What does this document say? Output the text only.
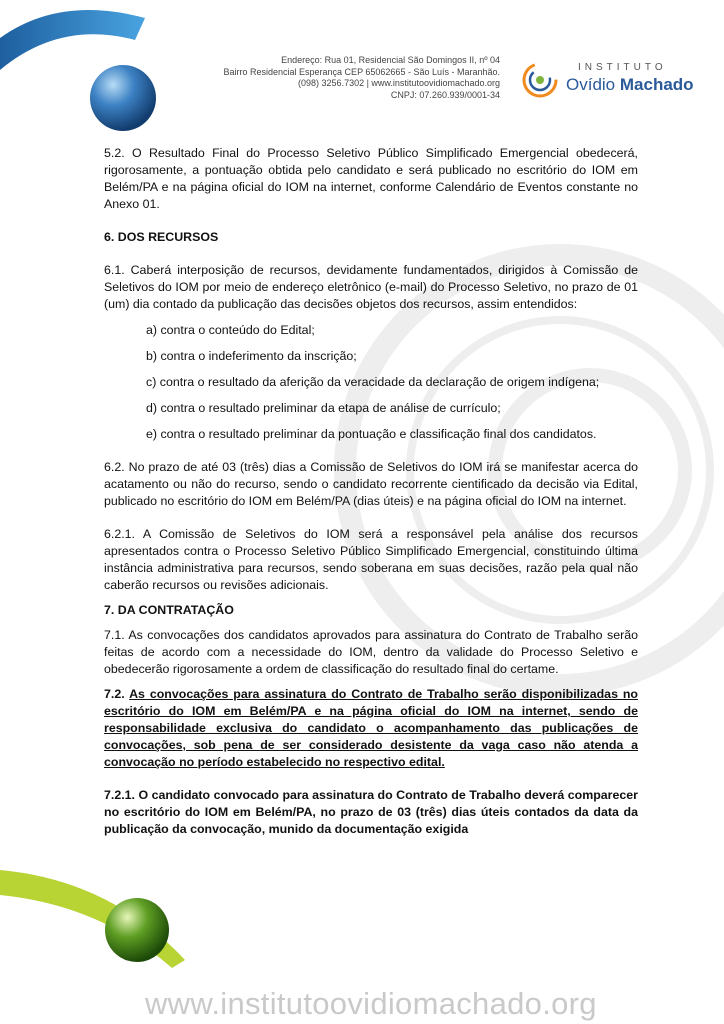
Endereço: Rua 01, Residencial São Domingos II, nº 04
Bairro Residencial Esperança CEP 65062665 - São Luís - Maranhão.
(098) 3256.7302 | www.institutoovidiomachado.org
CNPJ: 07.260.939/0001-34
INSTITUTO
Ovídio Machado

5.2. O Resultado Final do Processo Seletivo Público Simplificado Emergencial obedecerá, rigorosamente, a pontuação obtida pelo candidato e será publicado no escritório do IOM em Belém/PA e na página oficial do IOM na internet, conforme Calendário de Eventos constante no Anexo 01.

6. DOS RECURSOS

6.1. Caberá interposição de recursos, devidamente fundamentados, dirigidos à Comissão de Seletivos do IOM por meio de endereço eletrônico (e-mail) do Processo Seletivo, no prazo de 01 (um) dia contado da publicação das decisões objetos dos recursos, assim entendidos:

a) contra o conteúdo do Edital;

b) contra o indeferimento da inscrição;

c) contra o resultado da aferição da veracidade da declaração de origem indígena;

d) contra o resultado preliminar da etapa de análise de currículo;

e) contra o resultado preliminar da pontuação e classificação final dos candidatos.

6.2. No prazo de até 03 (três) dias a Comissão de Seletivos do IOM irá se manifestar acerca do acatamento ou não do recurso, sendo o candidato recorrente cientificado da decisão via Edital, publicado no escritório do IOM em Belém/PA (dias úteis) e na página oficial do IOM na internet.

6.2.1. A Comissão de Seletivos do IOM será a responsável pela análise dos recursos apresentados contra o Processo Seletivo Público Simplificado Emergencial, constituindo última instância administrativa para recursos, sendo soberana em suas decisões, razão pela qual não caberão recursos ou revisões adicionais.

7. DA CONTRATAÇÃO

7.1. As convocações dos candidatos aprovados para assinatura do Contrato de Trabalho serão feitas de acordo com a necessidade do IOM, dentro da validade do Processo Seletivo e obedecerão rigorosamente a ordem de classificação do resultado final do certame.

7.2. As convocações para assinatura do Contrato de Trabalho serão disponibilizadas no escritório do IOM em Belém/PA e na página oficial do IOM na internet, sendo de responsabilidade exclusiva do candidato o acompanhamento das publicações de convocações, sob pena de ser considerado desistente da vaga caso não atenda a convocação no período estabelecido no respectivo edital.

7.2.1. O candidato convocado para assinatura do Contrato de Trabalho deverá comparecer no escritório do IOM em Belém/PA, no prazo de 03 (três) dias úteis contados da data da publicação da convocação, munido da documentação exigida

www.institutoovidiomachado.org
